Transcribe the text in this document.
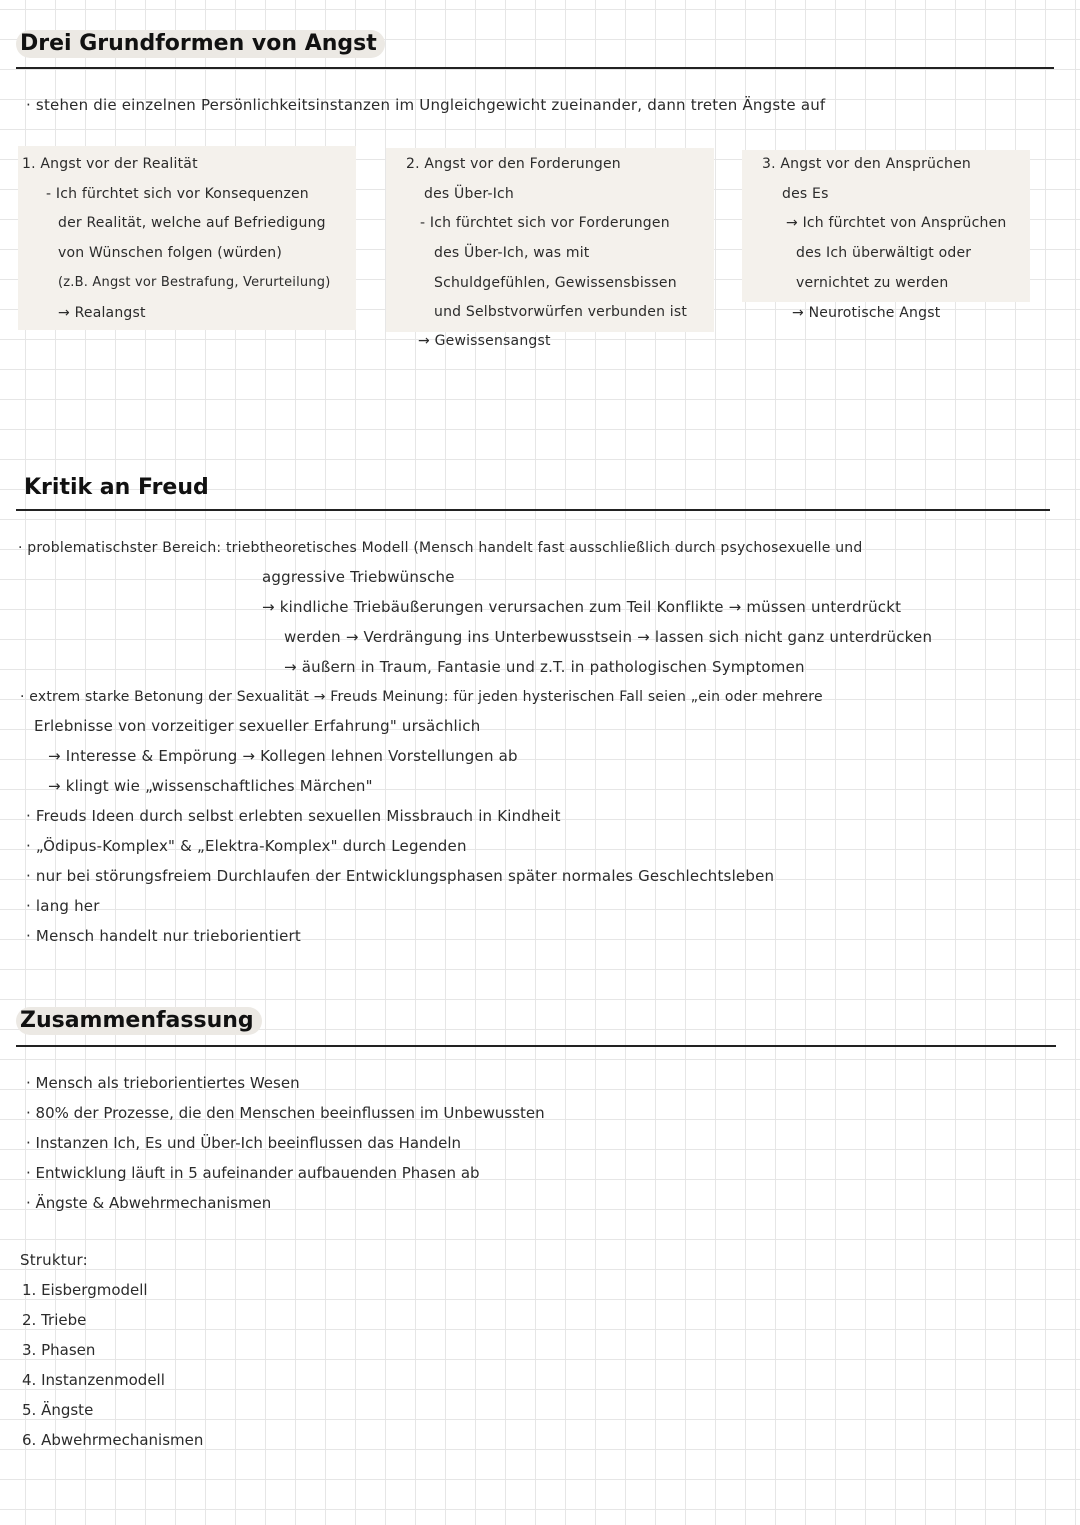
Drei Grundformen von Angst
· stehen die einzelnen Persönlichkeitsinstanzen im Ungleichgewicht zueinander, dann treten Ängste auf
1. Angst vor der Realität
- Ich fürchtet sich vor Konsequenzen
der Realität, welche auf Befriedigung
von Wünschen folgen (würden)
(z.B. Angst vor Bestrafung, Verurteilung)
→ Realangst
2. Angst vor den Forderungen
des Über-Ich
- Ich fürchtet sich vor Forderungen
des Über-Ich, was mit
Schuldgefühlen, Gewissensbissen
und Selbstvorwürfen verbunden ist
→ Gewissensangst
3. Angst vor den Ansprüchen
des Es
→ Ich fürchtet von Ansprüchen
des Ich überwältigt oder
vernichtet zu werden
→ Neurotische Angst
Kritik an Freud
· problematischster Bereich: triebtheoretisches Modell (Mensch handelt fast ausschließlich durch psychosexuelle und
aggressive Triebwünsche
→ kindliche Triebäußerungen verursachen zum Teil Konflikte → müssen unterdrückt
werden → Verdrängung ins Unterbewusstsein → lassen sich nicht ganz unterdrücken
→ äußern in Traum, Fantasie und z.T. in pathologischen Symptomen
· extrem starke Betonung der Sexualität → Freuds Meinung: für jeden hysterischen Fall seien „ein oder mehrere
Erlebnisse von vorzeitiger sexueller Erfahrung" ursächlich
→ Interesse & Empörung → Kollegen lehnen Vorstellungen ab
→ klingt wie „wissenschaftliches Märchen"
· Freuds Ideen durch selbst erlebten sexuellen Missbrauch in Kindheit
· „Ödipus-Komplex" & „Elektra-Komplex" durch Legenden
· nur bei störungsfreiem Durchlaufen der Entwicklungsphasen später normales Geschlechtsleben
· lang her
· Mensch handelt nur trieborientiert
Zusammenfassung
· Mensch als trieborientiertes Wesen
· 80% der Prozesse, die den Menschen beeinflussen im Unbewussten
· Instanzen Ich, Es und Über-Ich beeinflussen das Handeln
· Entwicklung läuft in 5 aufeinander aufbauenden Phasen ab
· Ängste & Abwehrmechanismen
Struktur:
1. Eisbergmodell
2. Triebe
3. Phasen
4. Instanzenmodell
5. Ängste
6. Abwehrmechanismen
